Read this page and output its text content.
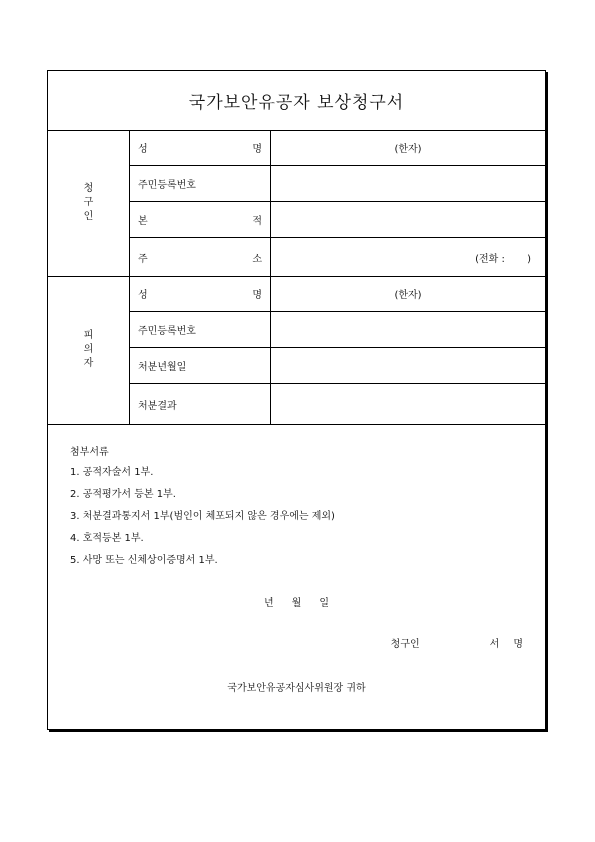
국가보안유공자 보상청구서
청
구
인
성	명	(한자)
주민등록번호
본	적
주	소	(전화 :       )
피
의
자
성	명	(한자)
주민등록번호
처분년월일
처분결과
첨부서류
1. 공적자술서 1부.
2. 공적평가서 등본 1부.
3. 처분결과통지서 1부(범인이 체포되지 않은 경우에는 제외)
4. 호적등본 1부.
5. 사망 또는 신체상이증명서 1부.
년 월 일
청구인	서 명
국가보안유공자심사위원장 귀하
